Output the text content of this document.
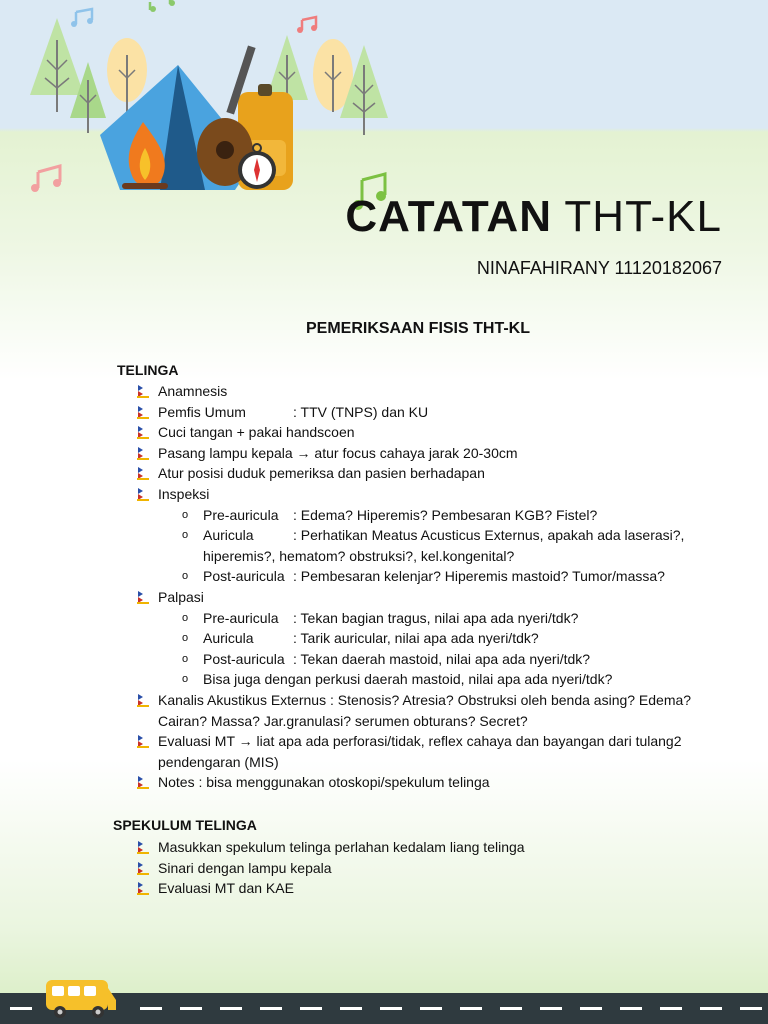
CATATAN THT-KL
NINAFAHIRANY 11120182067
PEMERIKSAAN FISIS THT-KL
TELINGA
Anamnesis
Pemfis Umum	: TTV (TNPS) dan KU
Cuci tangan + pakai handscoen
Pasang lampu kepala → atur focus cahaya jarak 20-30cm
Atur posisi duduk pemeriksa dan pasien berhadapan
Inspeksi
o Pre-auricula : Edema? Hiperemis? Pembesaran KGB? Fistel?
o Auricula	: Perhatikan Meatus Acusticus Externus, apakah ada laserasi?,
hiperemis?, hematom? obstruksi?, kel.kongenital?
o Post-auricula : Pembesaran kelenjar? Hiperemis mastoid? Tumor/massa?
Palpasi
o Pre-auricula : Tekan bagian tragus, nilai apa ada nyeri/tdk?
o Auricula	: Tarik auricular, nilai apa ada nyeri/tdk?
o Post-auricula : Tekan daerah mastoid, nilai apa ada nyeri/tdk?
o Bisa juga dengan perkusi daerah mastoid, nilai apa ada nyeri/tdk?
Kanalis Akustikus Externus : Stenosis? Atresia? Obstruksi oleh benda asing? Edema?
Cairan? Massa? Jar.granulasi? serumen obturans? Secret?
Evaluasi MT → liat apa ada perforasi/tidak, reflex cahaya dan bayangan dari tulang2
pendengaran (MIS)
Notes : bisa menggunakan otoskopi/spekulum telinga
SPEKULUM TELINGA
Masukkan spekulum telinga perlahan kedalam liang telinga
Sinari dengan lampu kepala
Evaluasi MT dan KAE
